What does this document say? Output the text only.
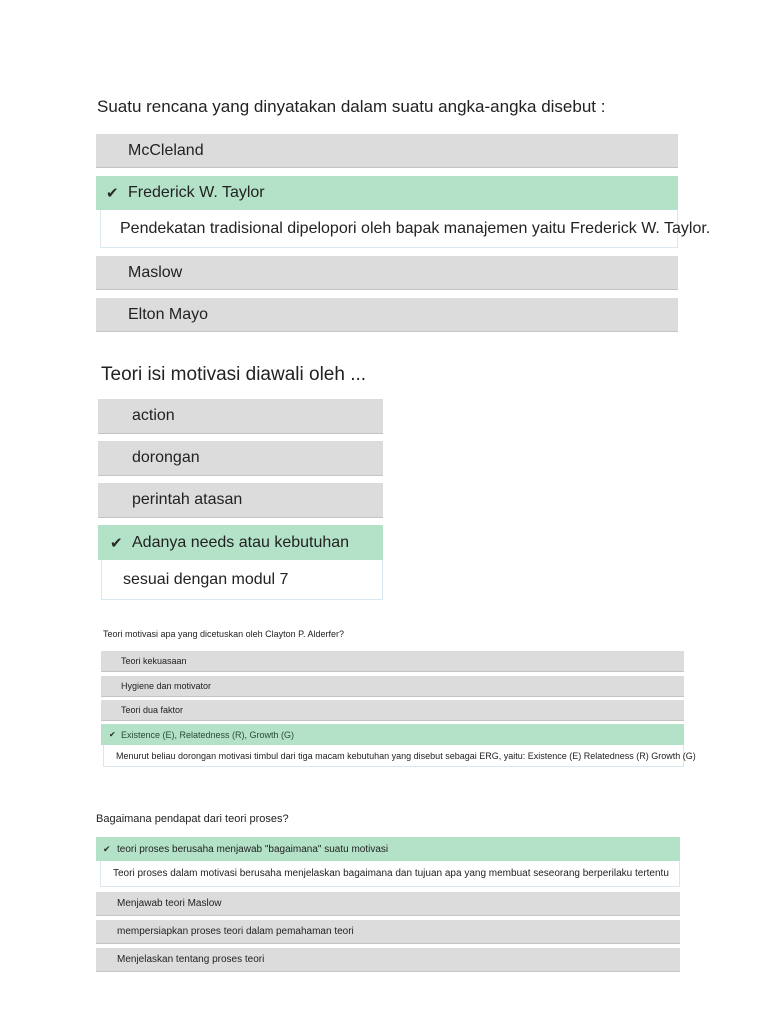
Suatu rencana yang dinyatakan dalam suatu angka-angka disebut :
McCleland
✔ Frederick W. Taylor
Pendekatan tradisional dipelopori oleh bapak manajemen yaitu Frederick W. Taylor.
Maslow
Elton Mayo
Teori isi motivasi diawali oleh ...
action
dorongan
perintah atasan
✔ Adanya needs atau kebutuhan
sesuai dengan modul 7
Teori motivasi apa yang dicetuskan oleh Clayton P. Alderfer?
Teori kekuasaan
Hygiene dan motivator
Teori dua faktor
✔ Existence (E), Relatedness (R), Growth (G)
Menurut beliau dorongan motivasi timbul dari tiga macam kebutuhan yang disebut sebagai ERG, yaitu: Existence (E) Relatedness (R) Growth (G)
Bagaimana pendapat dari teori proses?
✔ teori proses berusaha menjawab "bagaimana" suatu motivasi
Teori proses dalam motivasi berusaha menjelaskan bagaimana dan tujuan apa yang membuat seseorang berperilaku tertentu
Menjawab teori Maslow
mempersiapkan proses teori dalam pemahaman teori
Menjelaskan tentang proses teori
